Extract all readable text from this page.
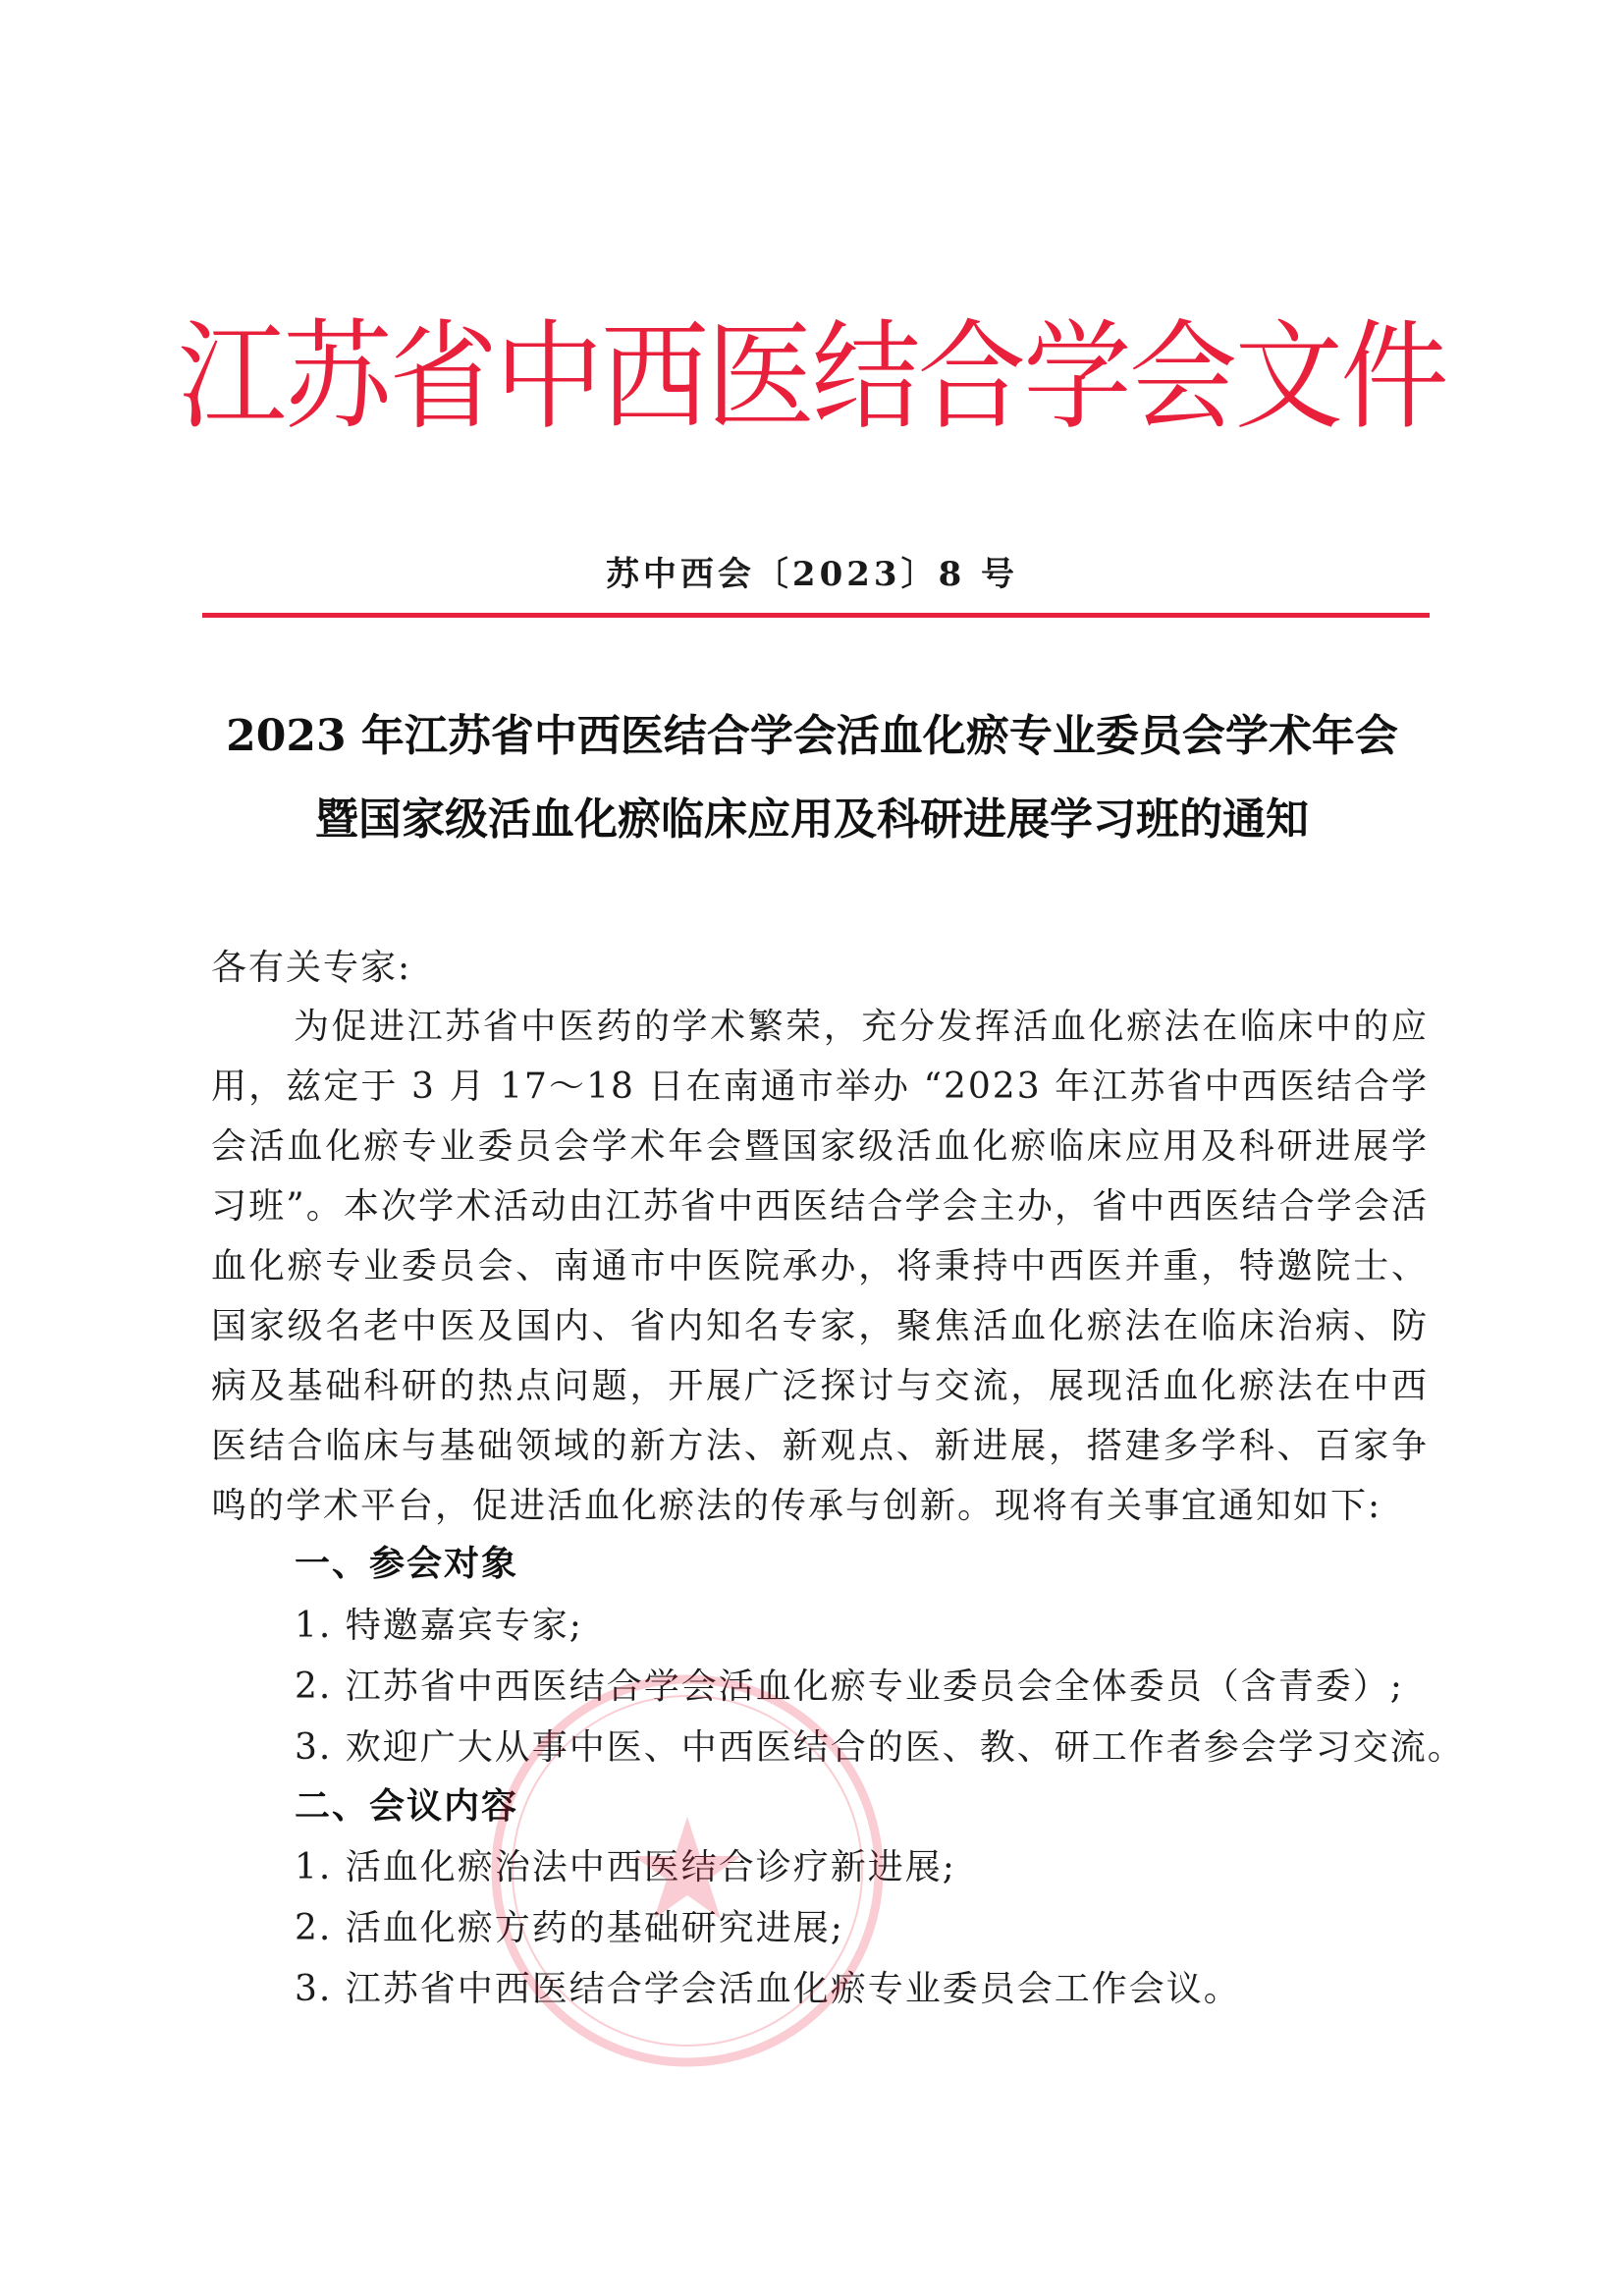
江苏省中西医结合学会文件
苏中西会〔2023〕8 号
2023 年江苏省中西医结合学会活血化瘀专业委员会学术年会
暨国家级活血化瘀临床应用及科研进展学习班的通知
各有关专家:
为促进江苏省中医药的学术繁荣，充分发挥活血化瘀法在临床中的应用，兹定于 3 月 17～18 日在南通市举办 “2023 年江苏省中西医结合学会活血化瘀专业委员会学术年会暨国家级活血化瘀临床应用及科研进展学习班”。本次学术活动由江苏省中西医结合学会主办，省中西医结合学会活血化瘀专业委员会、南通市中医院承办，将秉持中西医并重，特邀院士、国家级名老中医及国内、省内知名专家，聚焦活血化瘀法在临床治病、防病及基础科研的热点问题，开展广泛探讨与交流，展现活血化瘀法在中西医结合临床与基础领域的新方法、新观点、新进展，搭建多学科、百家争鸣的学术平台，促进活血化瘀法的传承与创新。现将有关事宜通知如下:
一、参会对象
1. 特邀嘉宾专家;
2. 江苏省中西医结合学会活血化瘀专业委员会全体委员（含青委）;
3. 欢迎广大从事中医、中西医结合的医、教、研工作者参会学习交流。
二、会议内容
1. 活血化瘀治法中西医结合诊疗新进展;
2. 活血化瘀方药的基础研究进展;
3. 江苏省中西医结合学会活血化瘀专业委员会工作会议。
